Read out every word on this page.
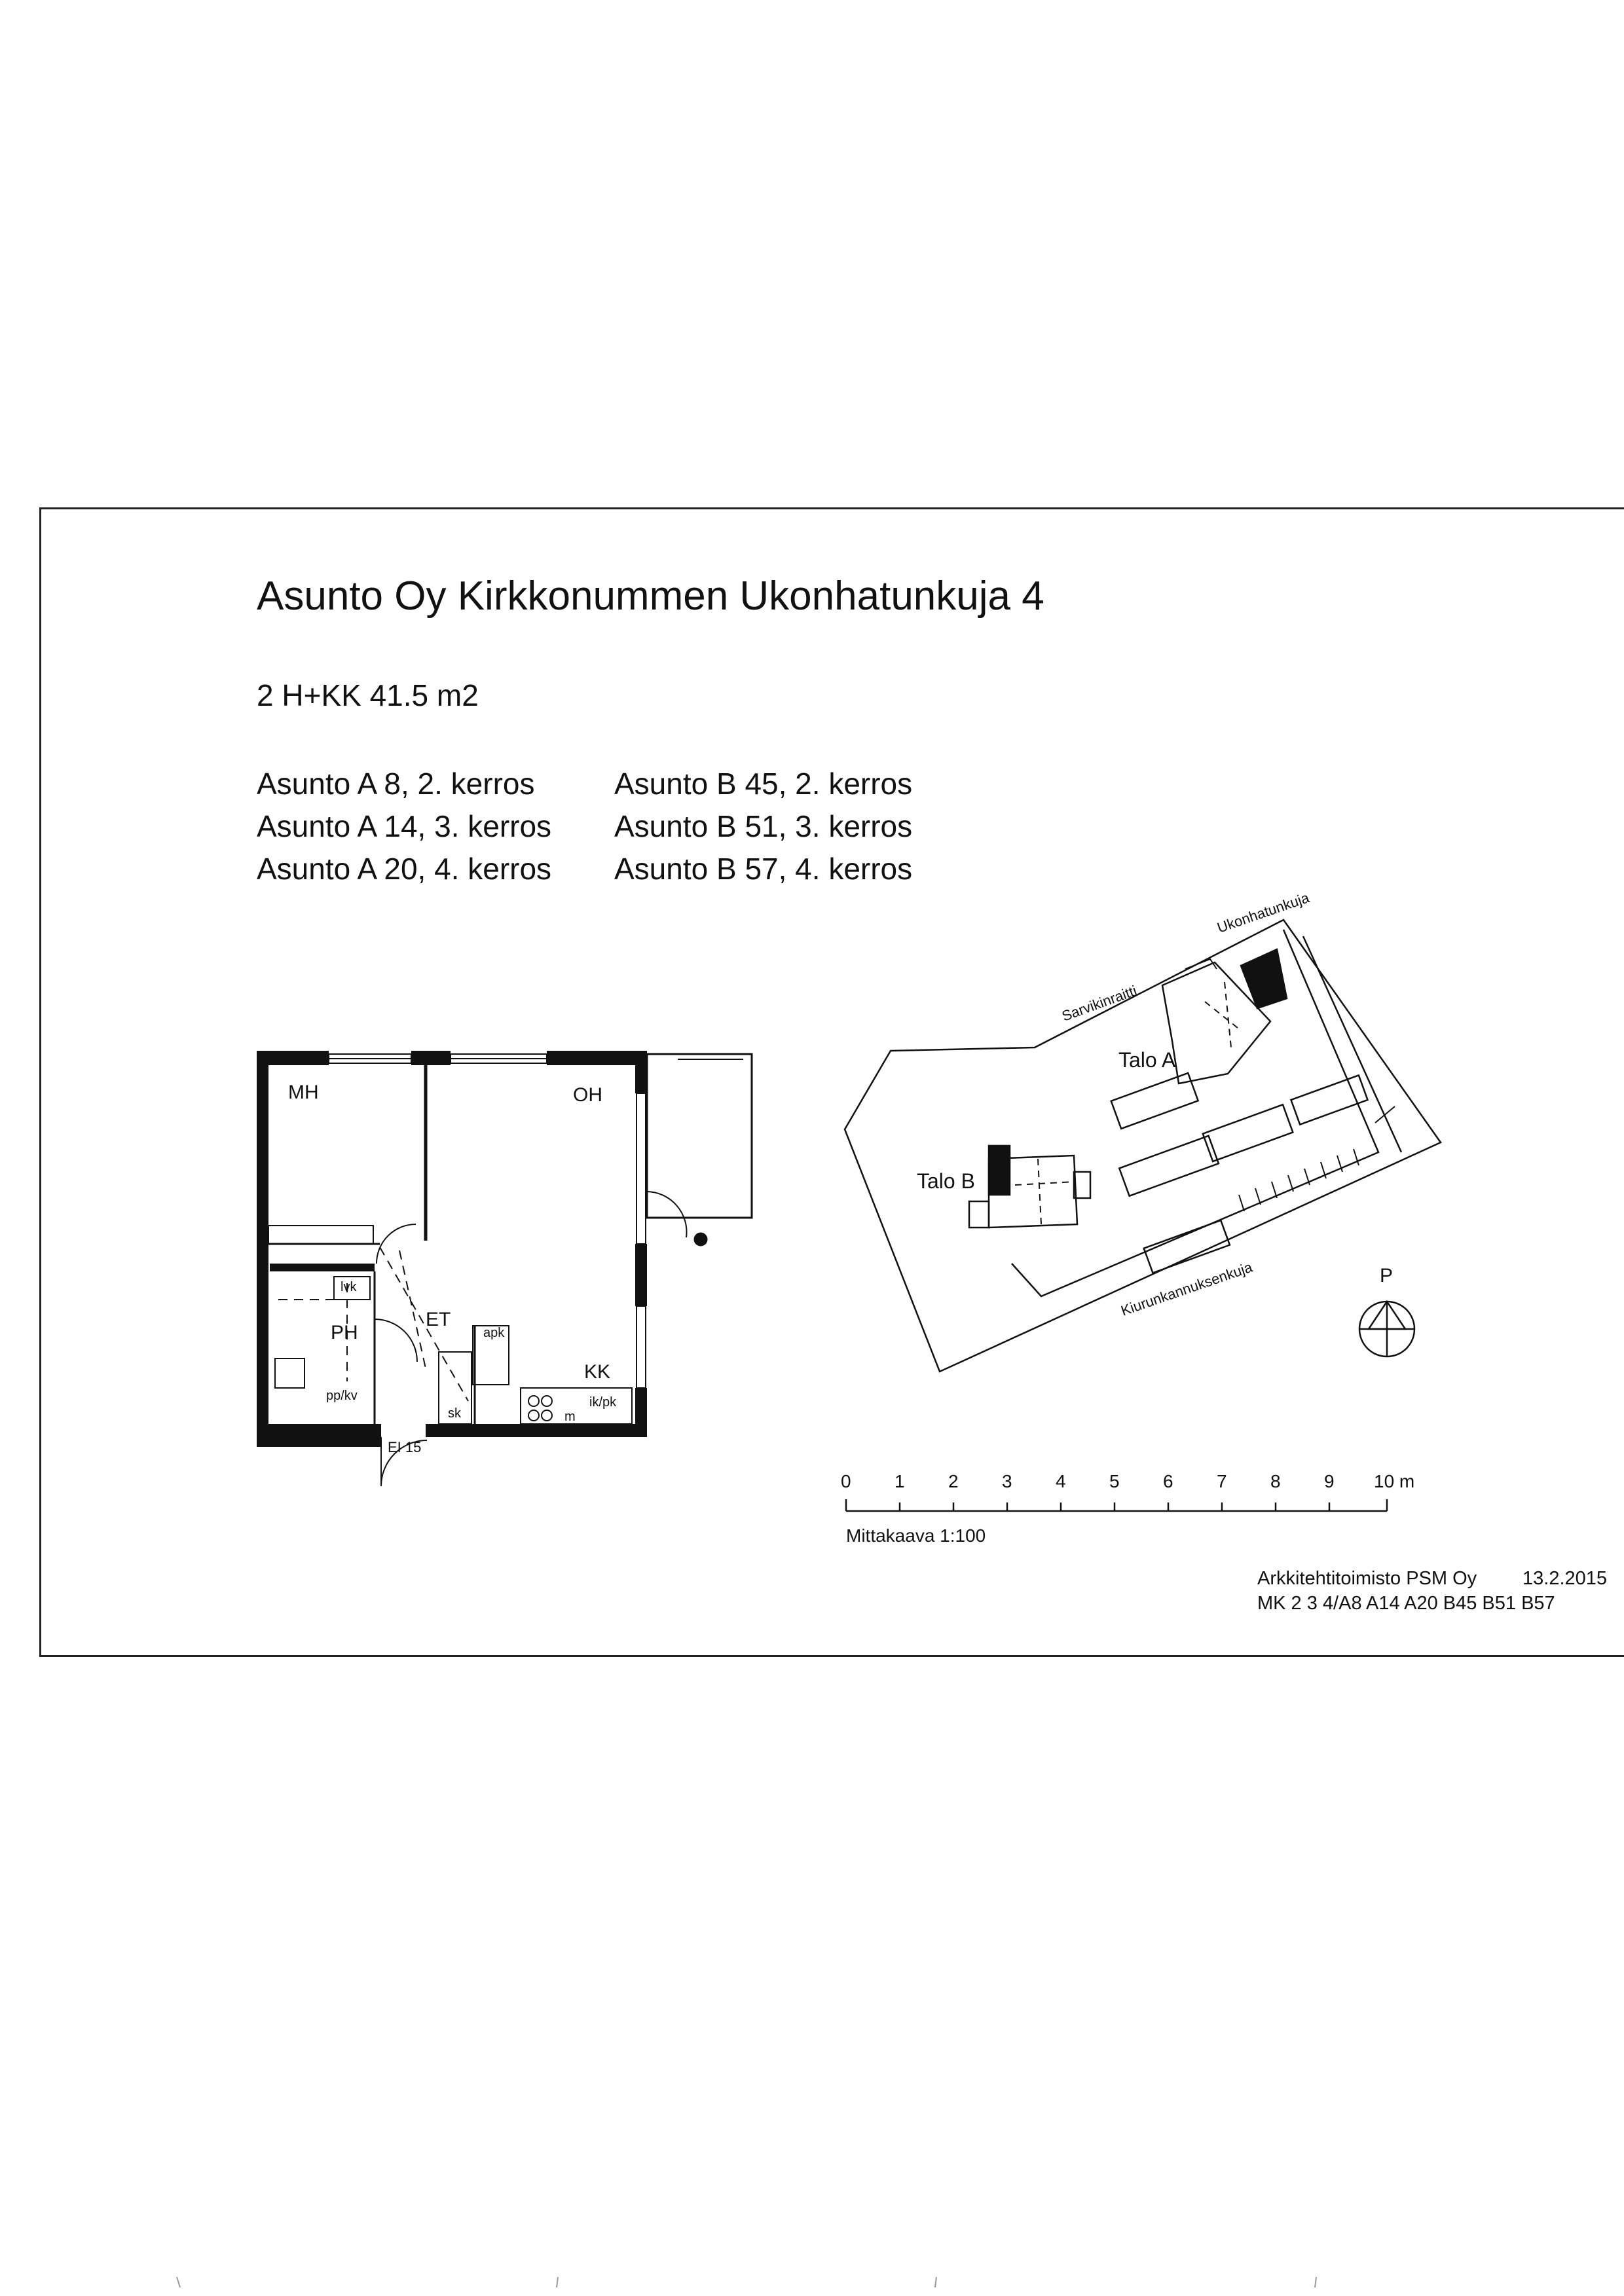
Asunto Oy Kirkkonummen Ukonhatunkuja 4
2 H+KK 41.5 m2
Asunto A 8, 2. kerros
Asunto A 14, 3. kerros
Asunto A 20, 4. kerros
Asunto B 45, 2. kerros
Asunto B 51, 3. kerros
Asunto B 57, 4. kerros
MH	OH
PH
ET
KK
lvk
pp/kv
apk
sk	m
ik/pk
EI 15
Ukonhatunkuja
Sarvikinraitti
Kiurunkannuksenkuja
Talo A
Talo B
P
0 1 2 3 4 5 6 7 8 9 10 m
Mittakaava 1:100
Arkkitehtitoimisto PSM Oy 13.2.2015
MK 2 3 4/A8 A14 A20 B45 B51 B57
